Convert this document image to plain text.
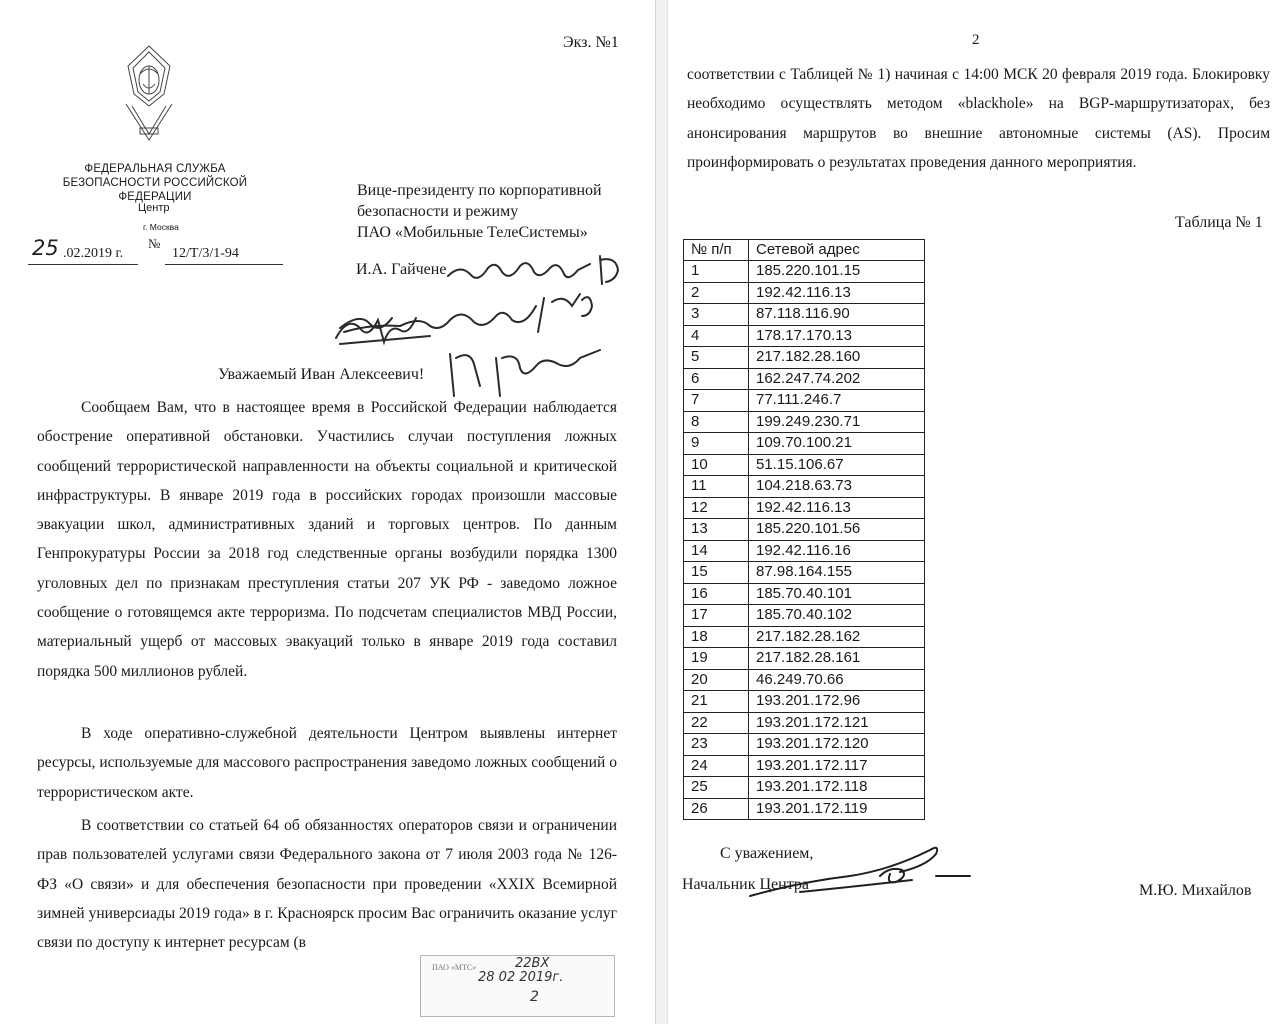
Экз. №1
ФЕДЕРАЛЬНАЯ СЛУЖБА БЕЗОПАСНОСТИ РОССИЙСКОЙ ФЕДЕРАЦИИ
Центр
г. Москва
№
25 .02.2019 г.	12/Т/3/1-94
Вице-президенту по корпоративной
безопасности и режиму
ПАО «Мобильные ТелеСистемы»
И.А. Гайчене
Уважаемый Иван Алексеевич!

Сообщаем Вам, что в настоящее время в Российской Федерации наблюдается обострение оперативной обстановки. Участились случаи поступления ложных сообщений террористической направленности на объекты социальной и критической инфраструктуры. В январе 2019 года в российских городах произошли массовые эвакуации школ, административных зданий и торговых центров. По данным Генпрокуратуры России за 2018 год следственные органы возбудили порядка 1300 уголовных дел по признакам преступления статьи 207 УК РФ - заведомо ложное сообщение о готовящемся акте терроризма. По подсчетам специалистов МВД России, материальный ущерб от массовых эвакуаций только в январе 2019 года составил порядка 500 миллионов рублей.

В ходе оперативно-служебной деятельности Центром выявлены интернет ресурсы, используемые для массового распространения заведомо ложных сообщений о террористическом акте.

В соответствии со статьей 64 об обязанностях операторов связи и ограничении прав пользователей услугами связи Федерального закона от 7 июля 2003 года № 126-ФЗ «О связи» и для обеспечения безопасности при проведении «XXIX Всемирной зимней универсиады 2019 года» в г. Красноярск просим Вас ограничить оказание услуг связи по доступу к интернет ресурсам (в

ПАО «МТС»	22ВХ
28 02 2019г.
2
2

соответствии с Таблицей № 1) начиная с 14:00 МСК 20 февраля 2019 года. Блокировку необходимо осуществлять методом «blackhole» на BGP-маршрутизаторах, без анонсирования маршрутов во внешние автономные системы (AS). Просим проинформировать о результатах проведения данного мероприятия.

Таблица № 1
№ п/п	Сетевой адрес
1	185.220.101.15
2	192.42.116.13
3	87.118.116.90
4	178.17.170.13
5	217.182.28.160
6	162.247.74.202
7	77.111.246.7
8	199.249.230.71
9	109.70.100.21
10	51.15.106.67
11	104.218.63.73
12	192.42.116.13
13	185.220.101.56
14	192.42.116.16
15	87.98.164.155
16	185.70.40.101
17	185.70.40.102
18	217.182.28.162
19	217.182.28.161
20	46.249.70.66
21	193.201.172.96
22	193.201.172.121
23	193.201.172.120
24	193.201.172.117
25	193.201.172.118
26	193.201.172.119
С уважением,
Начальник Центра	М.Ю. Михайлов
